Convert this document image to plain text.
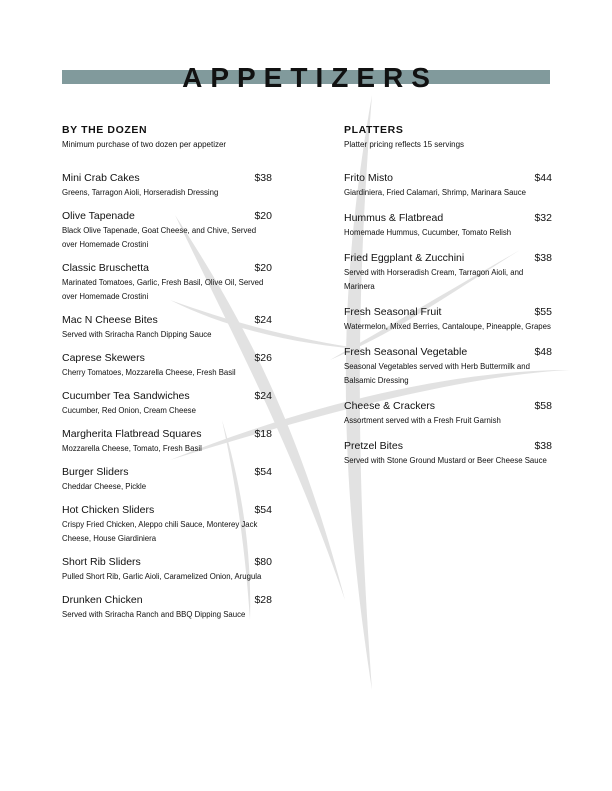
APPETIZERS

BY THE DOZEN

Minimum purchase of two dozen per appetizer

Mini Crab Cakes	$38
Greens, Tarragon Aioli, Horseradish Dressing
Olive Tapenade	$20
Black Olive Tapenade, Goat Cheese, and Chive, Served over Homemade Crostini
Classic Bruschetta	$20
Marinated Tomatoes, Garlic, Fresh Basil, Olive Oil, Served over Homemade Crostini
Mac N Cheese Bites	$24
Served with Sriracha Ranch Dipping Sauce
Caprese Skewers	$26
Cherry Tomatoes, Mozzarella Cheese, Fresh Basil
Cucumber Tea Sandwiches	$24
Cucumber, Red Onion, Cream Cheese
Margherita Flatbread Squares	$18
Mozzarella Cheese, Tomato, Fresh Basil
Burger Sliders	$54
Cheddar Cheese, Pickle
Hot Chicken Sliders	$54
Crispy Fried Chicken, Aleppo chili Sauce, Monterey Jack Cheese, House Giardiniera
Short Rib Sliders	$80
Pulled Short Rib, Garlic Aioli, Caramelized Onion, Arugula
Drunken Chicken	$28
Served with Sriracha Ranch and BBQ Dipping Sauce

PLATTERS

Platter pricing reflects 15 servings

Frito Misto	$44
Giardiniera, Fried Calamari, Shrimp, Marinara Sauce
Hummus & Flatbread	$32
Homemade Hummus, Cucumber, Tomato Relish
Fried Eggplant & Zucchini	$38
Served with Horseradish Cream, Tarragon Aioli, and Marinera
Fresh Seasonal Fruit	$55
Watermelon, Mixed Berries, Cantaloupe, Pineapple, Grapes
Fresh Seasonal Vegetable	$48
Seasonal Vegetables served with Herb Buttermilk and Balsamic Dressing
Cheese & Crackers	$58
Assortment served with a Fresh Fruit Garnish
Pretzel Bites	$38
Served with Stone Ground Mustard or Beer Cheese Sauce
